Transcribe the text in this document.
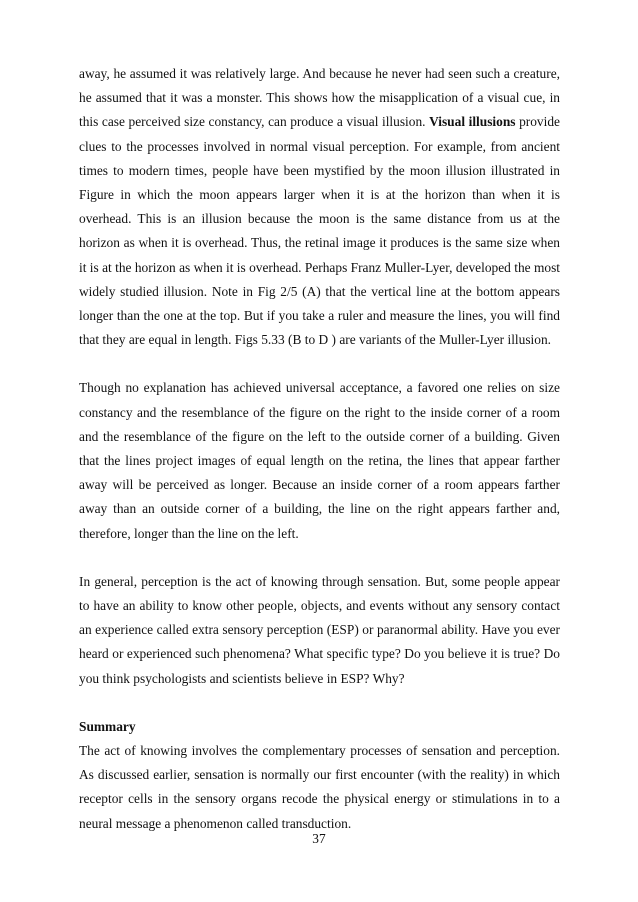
away, he assumed it was relatively large. And because he never had seen such a creature, he assumed that it was a monster. This shows how the misapplication of a visual cue, in this case perceived size constancy, can produce a visual illusion. Visual illusions provide clues to the processes involved in normal visual perception. For example, from ancient times to modern times, people have been mystified by the moon illusion illustrated in Figure in which the moon appears larger when it is at the horizon than when it is overhead. This is an illusion because the moon is the same distance from us at the horizon as when it is overhead. Thus, the retinal image it produces is the same size when it is at the horizon as when it is overhead. Perhaps Franz Muller-Lyer, developed the most widely studied illusion. Note in Fig 2/5 (A) that the vertical line at the bottom appears longer than the one at the top. But if you take a ruler and measure the lines, you will find that they are equal in length. Figs 5.33 (B to D ) are variants of the Muller-Lyer illusion.

Though no explanation has achieved universal acceptance, a favored one relies on size constancy and the resemblance of the figure on the right to the inside corner of a room and the resemblance of the figure on the left to the outside corner of a building. Given that the lines project images of equal length on the retina, the lines that appear farther away will be perceived as longer. Because an inside corner of a room appears farther away than an outside corner of a building, the line on the right appears farther and, therefore, longer than the line on the left.

In general, perception is the act of knowing through sensation. But, some people appear to have an ability to know other people, objects, and events without any sensory contact an experience called extra sensory perception (ESP) or paranormal ability. Have you ever heard or experienced such phenomena? What specific type? Do you believe it is true? Do you think psychologists and scientists believe in ESP? Why?

Summary

The act of knowing involves the complementary processes of sensation and perception. As discussed earlier, sensation is normally our first encounter (with the reality) in which receptor cells in the sensory organs recode the physical energy or stimulations in to a neural message a phenomenon called transduction.

37
